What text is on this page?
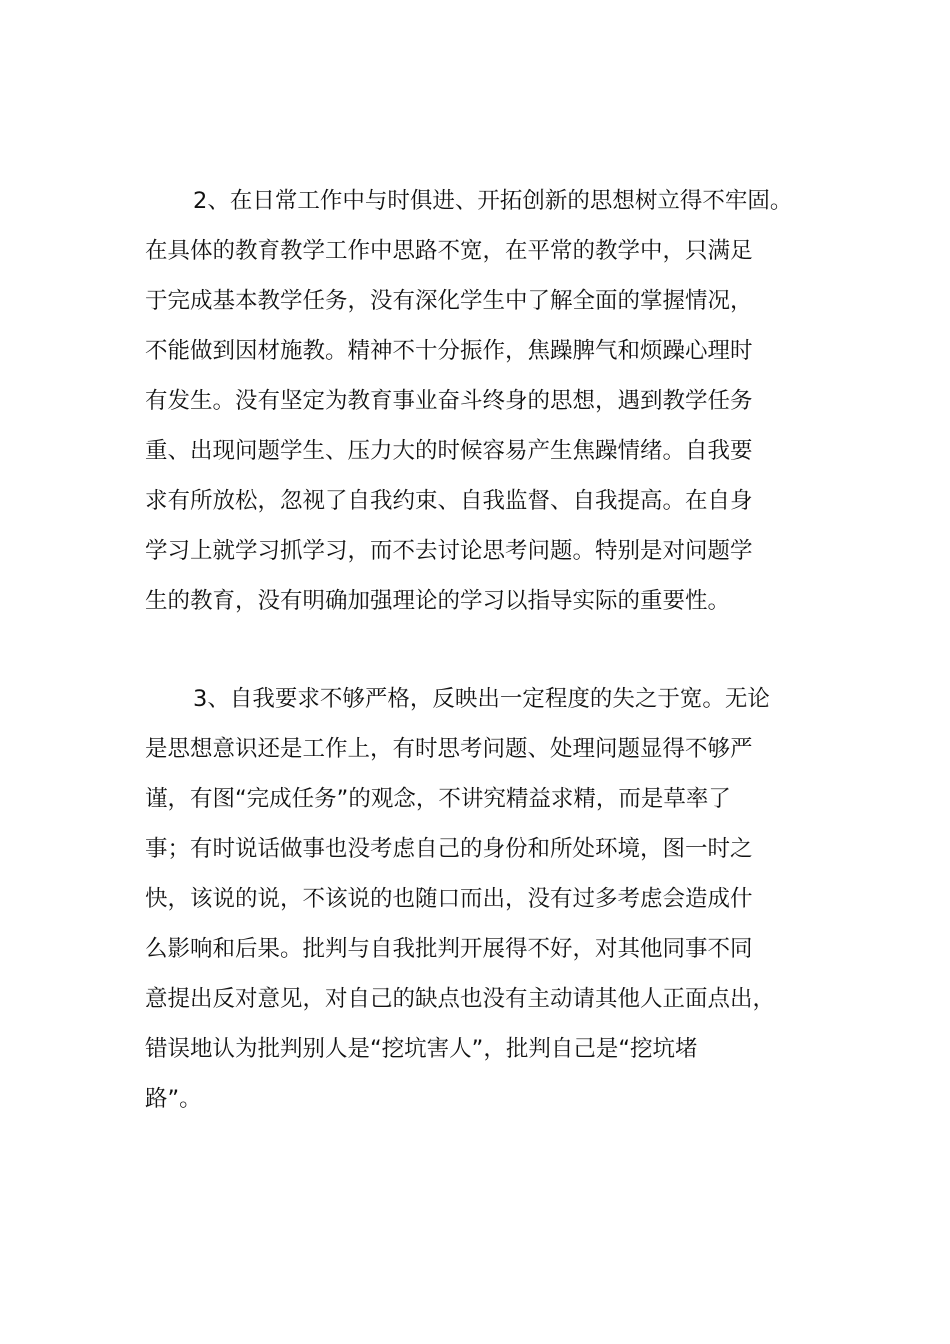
2、在日常工作中与时俱进、开拓创新的思想树立得不牢固。
在具体的教育教学工作中思路不宽，在平常的教学中，只满足
于完成基本教学任务，没有深化学生中了解全面的掌握情况，
不能做到因材施教。精神不十分振作，焦躁脾气和烦躁心理时
有发生。没有坚定为教育事业奋斗终身的思想，遇到教学任务
重、出现问题学生、压力大的时候容易产生焦躁情绪。自我要
求有所放松，忽视了自我约束、自我监督、自我提高。在自身
学习上就学习抓学习，而不去讨论思考问题。特别是对问题学
生的教育，没有明确加强理论的学习以指导实际的重要性。
3、自我要求不够严格，反映出一定程度的失之于宽。无论
是思想意识还是工作上，有时思考问题、处理问题显得不够严
谨，有图“完成任务”的观念，不讲究精益求精，而是草率了
事；有时说话做事也没考虑自己的身份和所处环境，图一时之
快，该说的说，不该说的也随口而出，没有过多考虑会造成什
么影响和后果。批判与自我批判开展得不好，对其他同事不同
意提出反对意见，对自己的缺点也没有主动请其他人正面点出，
错误地认为批判别人是“挖坑害人”，批判自己是“挖坑堵
路”。
